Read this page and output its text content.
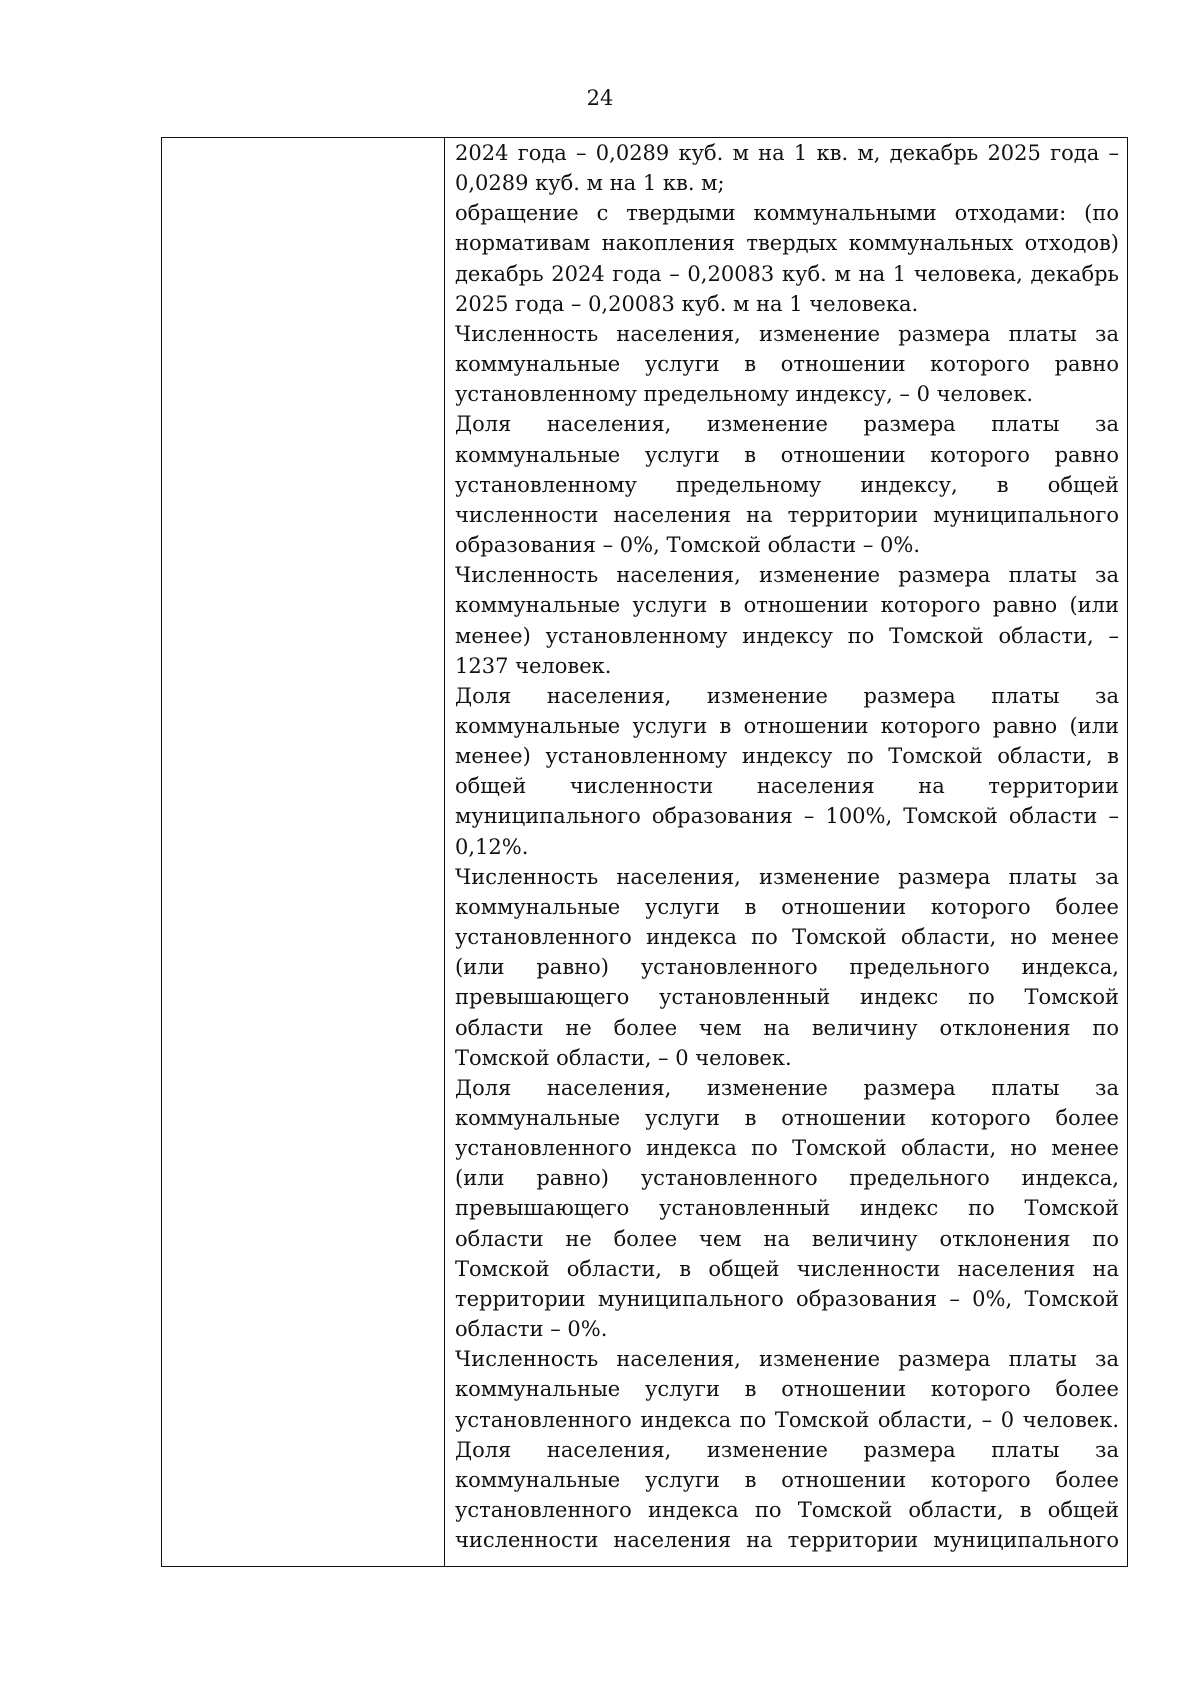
24
2024 года – 0,0289 куб. м на 1 кв. м, декабрь 2025 года –
0,0289 куб. м на 1 кв. м;
обращение с твердыми коммунальными отходами: (по
нормативам накопления твердых коммунальных отходов)
декабрь 2024 года – 0,20083 куб. м на 1 человека, декабрь
2025 года – 0,20083 куб. м на 1 человека.
Численность населения, изменение размера платы за
коммунальные услуги в отношении которого равно
установленному предельному индексу, – 0 человек.
Доля населения, изменение размера платы за
коммунальные услуги в отношении которого равно
установленному предельному индексу, в общей
численности населения на территории муниципального
образования – 0%, Томской области – 0%.
Численность населения, изменение размера платы за
коммунальные услуги в отношении которого равно (или
менее) установленному индексу по Томской области, –
1237 человек.
Доля населения, изменение размера платы за
коммунальные услуги в отношении которого равно (или
менее) установленному индексу по Томской области, в
общей численности населения на территории
муниципального образования – 100%, Томской области –
0,12%.
Численность населения, изменение размера платы за
коммунальные услуги в отношении которого более
установленного индекса по Томской области, но менее
(или равно) установленного предельного индекса,
превышающего установленный индекс по Томской
области не более чем на величину отклонения по
Томской области, – 0 человек.
Доля населения, изменение размера платы за
коммунальные услуги в отношении которого более
установленного индекса по Томской области, но менее
(или равно) установленного предельного индекса,
превышающего установленный индекс по Томской
области не более чем на величину отклонения по
Томской области, в общей численности населения на
территории муниципального образования – 0%, Томской
области – 0%.
Численность населения, изменение размера платы за
коммунальные услуги в отношении которого более
установленного индекса по Томской области, – 0 человек.
Доля населения, изменение размера платы за
коммунальные услуги в отношении которого более
установленного индекса по Томской области, в общей
численности населения на территории муниципального
